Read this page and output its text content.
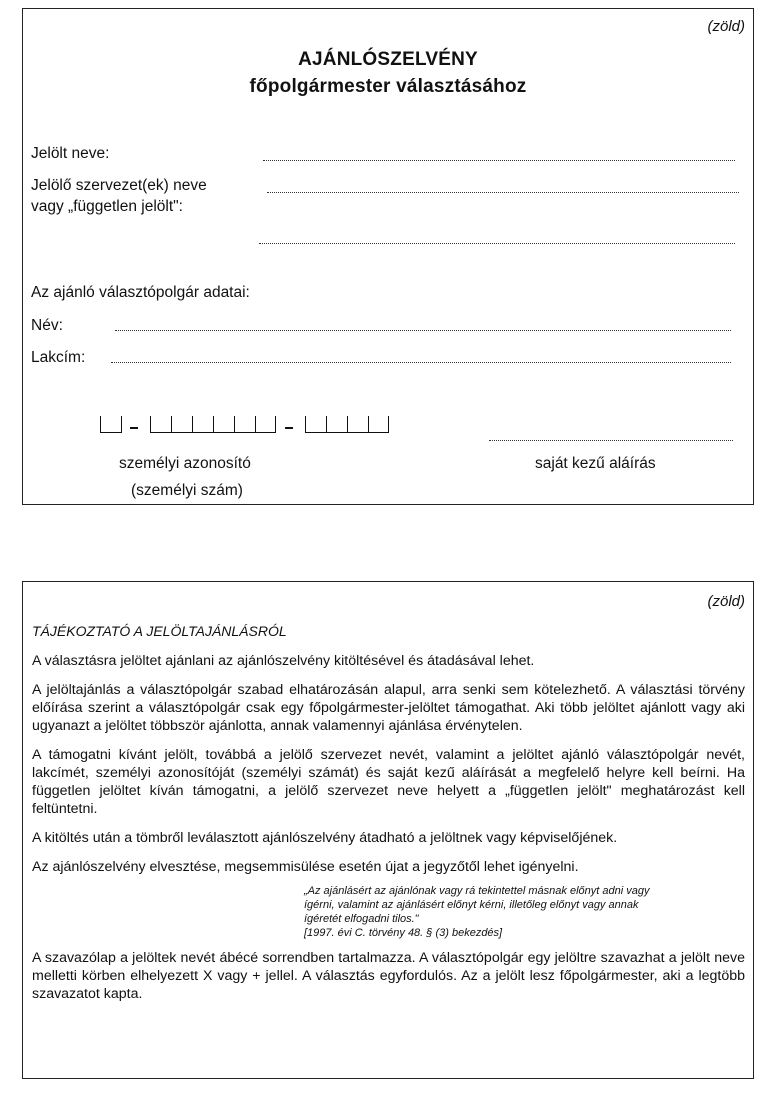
(zöld)
AJÁNLÓSZELVÉNY
főpolgármester választásához
Jelölt neve:
Jelölő szervezet(ek) neve
vagy „független jelölt":
Az ajánló választópolgár adatai:
Név:
Lakcím:
személyi azonosító
(személyi szám)
saját kezű aláírás
(zöld)
TÁJÉKOZTATÓ A JELÖLTAJÁNLÁSRÓL

A választásra jelöltet ajánlani az ajánlószelvény kitöltésével és átadásával lehet.

A jelöltajánlás a választópolgár szabad elhatározásán alapul, arra senki sem kötelezhető. A választási törvény előírása szerint a választópolgár csak egy főpolgármester-jelöltet támogathat. Aki több jelöltet ajánlott vagy aki ugyanazt a jelöltet többször ajánlotta, annak valamennyi ajánlása érvénytelen.

A támogatni kívánt jelölt, továbbá a jelölő szervezet nevét, valamint a jelöltet ajánló választópolgár nevét, lakcímét, személyi azonosítóját (személyi számát) és saját kezű aláírását a megfelelő helyre kell beírni. Ha független jelöltet kíván támogatni, a jelölő szervezet neve helyett a „független jelölt" meghatározást kell feltüntetni.

A kitöltés után a tömbről leválasztott ajánlószelvény átadható a jelöltnek vagy képviselőjének.

Az ajánlószelvény elvesztése, megsemmisülése esetén újat a jegyzőtől lehet igényelni.

„Az ajánlásért az ajánlónak vagy rá tekintettel másnak előnyt adni vagy
ígérni, valamint az ajánlásért előnyt kérni, illetőleg előnyt vagy annak
ígéretét elfogadni tilos."
[1997. évi C. törvény 48. § (3) bekezdés]

A szavazólap a jelöltek nevét ábécé sorrendben tartalmazza. A választópolgár egy jelöltre szavazhat a jelölt neve melletti körben elhelyezett X vagy + jellel. A választás egyfordulós. Az a jelölt lesz főpolgármester, aki a legtöbb szavazatot kapta.
